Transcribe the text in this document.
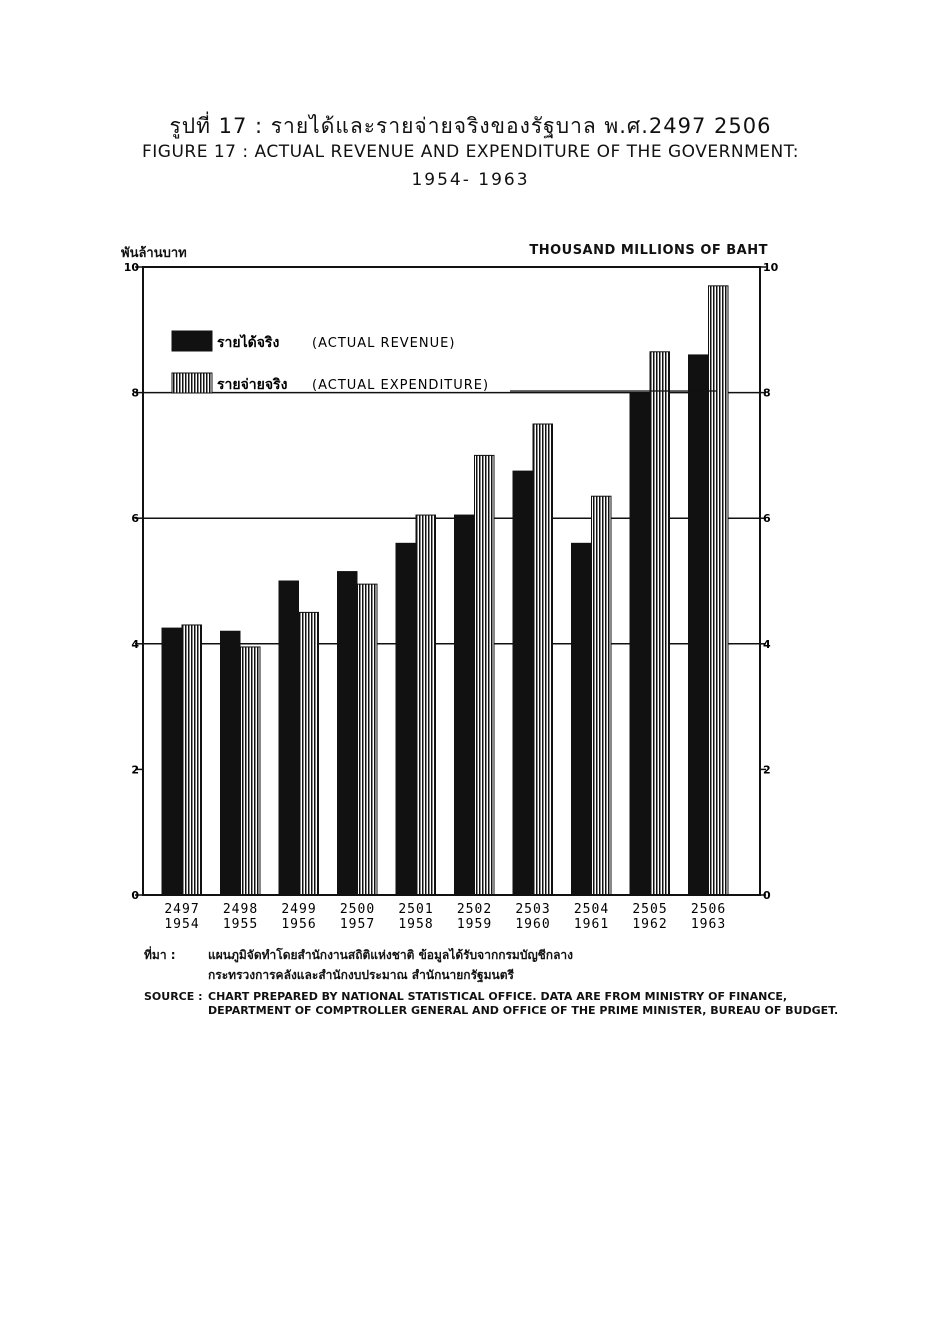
รูปที่ 17 : รายได้และรายจ่ายจริงของรัฐบาล พ.ศ.2497 2506
FIGURE 17 : ACTUAL REVENUE AND EXPENDITURE OF THE GOVERNMENT:
1954- 1963
พันล้านบาท	THOUSAND MILLIONS OF BAHT
0	0
2	2
4	4
6	6
8	8
10	10
2497
1954
2498
1955
2499
1956
2500
1957
2501
1958
2502
1959
2503
1960
2504
1961
2505
1962
2506
1963
รายได้จริง	(ACTUAL REVENUE)
รายจ่ายจริง (ACTUAL EXPENDITURE)
ที่มา :	แผนภูมิจัดทำโดยสำนักงานสถิติแห่งชาติ ข้อมูลได้รับจากกรมบัญชีกลาง
กระทรวงการคลังและสำนักงบประมาณ สำนักนายกรัฐมนตรี
SOURCE : CHART PREPARED BY NATIONAL STATISTICAL OFFICE. DATA ARE FROM MINISTRY OF FINANCE,
DEPARTMENT OF COMPTROLLER GENERAL AND OFFICE OF THE PRIME MINISTER, BUREAU OF BUDGET.
